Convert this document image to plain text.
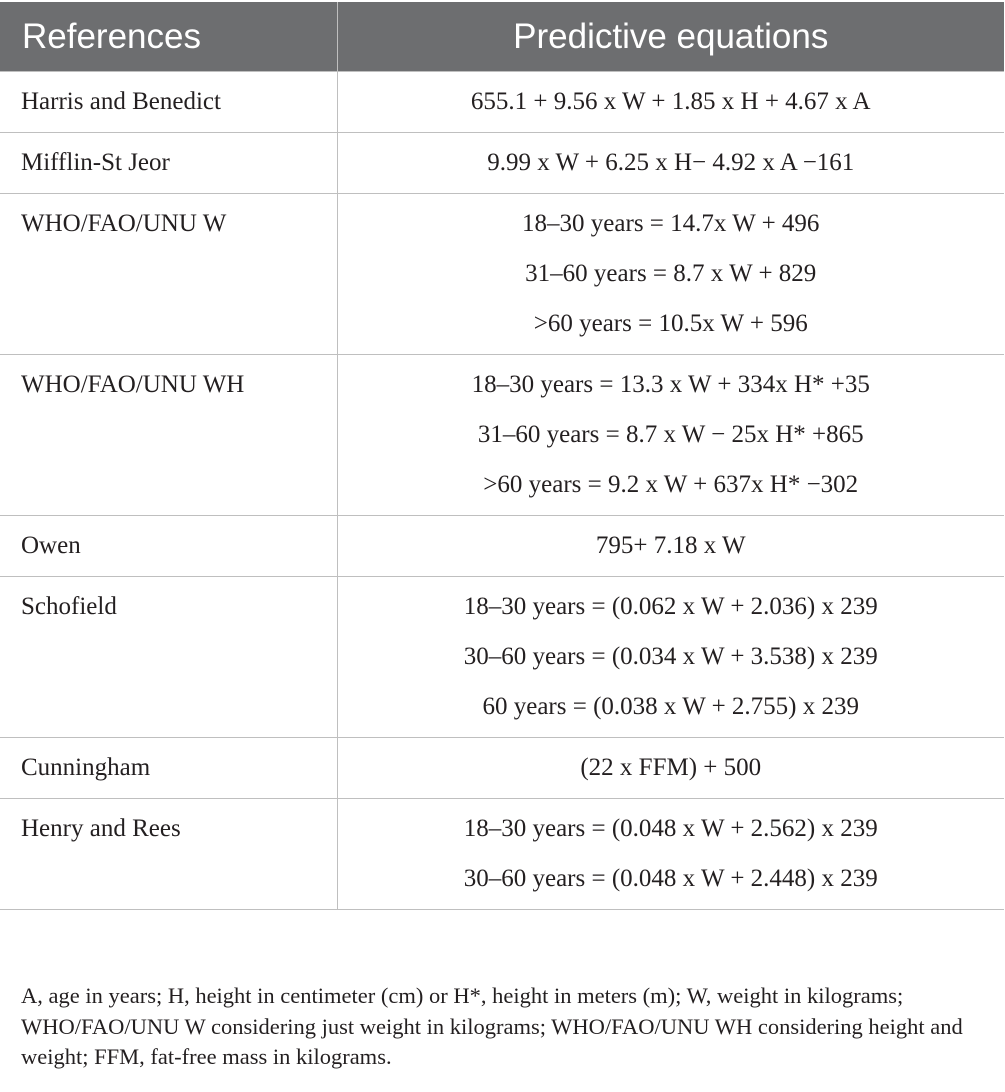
References	Predictive equations

Harris and Benedict	655.1 + 9.56 x W + 1.85 x H + 4.67 x A

Mifflin-St Jeor	9.99 x W + 6.25 x H− 4.92 x A −161

WHO/FAO/UNU W	18–30 years = 14.7x W + 496
31–60 years = 8.7 x W + 829
>60 years = 10.5x W + 596

WHO/FAO/UNU WH	18–30 years = 13.3 x W + 334x H* +35
31–60 years = 8.7 x W − 25x H* +865
>60 years = 9.2 x W + 637x H* −302

Owen	795+ 7.18 x W

Schofield	18–30 years = (0.062 x W + 2.036) x 239
30–60 years = (0.034 x W + 3.538) x 239
60 years = (0.038 x W + 2.755) x 239

Cunningham	(22 x FFM) + 500

Henry and Rees	18–30 years = (0.048 x W + 2.562) x 239
30–60 years = (0.048 x W + 2.448) x 239
A, age in years; H, height in centimeter (cm) or H*, height in meters (m); W, weight in kilograms; WHO/FAO/UNU W considering just weight in kilograms; WHO/FAO/UNU WH considering height and weight; FFM, fat-free mass in kilograms.
